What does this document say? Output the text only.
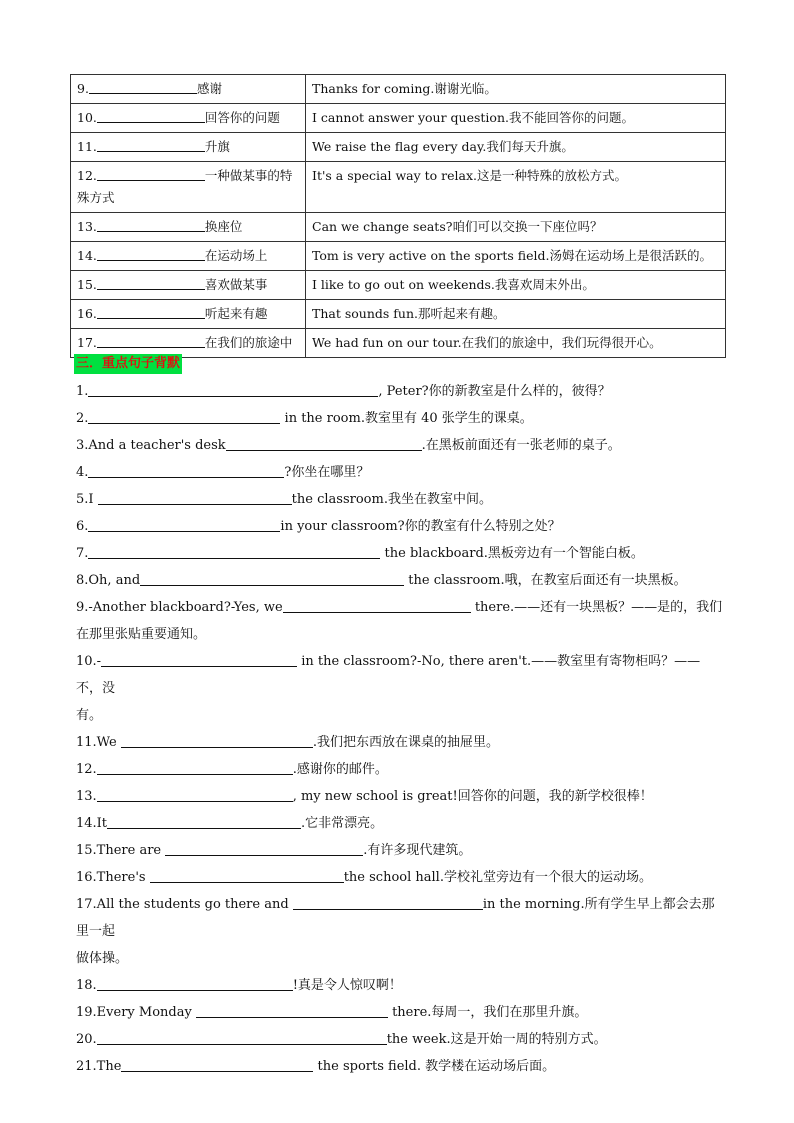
9. 感谢	Thanks for coming.谢谢光临。
10. 回答你的问题	I cannot answer your question.我不能回答你的问题。
11. 升旗	We raise the flag every day.我们每天升旗。
12. 一种做某事的特
殊方式	It's a special way to relax.这是一种特殊的放松方式。
13. 换座位	Can we change seats?咱们可以交换一下座位吗？
14. 在运动场上	Tom is very active on the sports field.汤姆在运动场上是很活跃的。
15. 喜欢做某事	I like to go out on weekends.我喜欢周末外出。
16. 听起来有趣	That sounds fun.那听起来有趣。
17. 在我们的旅途中	We had fun on our tour.在我们的旅途中，我们玩得很开心。
三．重点句子背默
1.	, Peter?你的新教室是什么样的，彼得？
2.	in the room.教室里有 40 张学生的课桌。
3.And a teacher's desk	.在黑板前面还有一张老师的桌子。
4.	?你坐在哪里？
5.I	the classroom.我坐在教室中间。
6.	in your classroom?你的教室有什么特别之处？
7.	the blackboard.黑板旁边有一个智能白板。
8.Oh, and	the classroom.哦，在教室后面还有一块黑板。
9.-Another blackboard?-Yes, we	there.——还有一块黑板？——是的，我们
在那里张贴重要通知。
10.-	in the classroom?-No, there aren't.——教室里有寄物柜吗？——不，没
有。
11.We	.我们把东西放在课桌的抽屉里。
12.	.感谢你的邮件。
13.	, my new school is great!回答你的问题，我的新学校很棒！
14.It	.它非常漂亮。
15.There are	.有许多现代建筑。
16.There's	the school hall.学校礼堂旁边有一个很大的运动场。
17.All the students go there and	in the morning.所有学生早上都会去那里一起
做体操。
18.	!真是令人惊叹啊！
19.Every Monday	there.每周一，我们在那里升旗。
20.	the week.这是开始一周的特别方式。
21.The	the sports field. 教学楼在运动场后面。
